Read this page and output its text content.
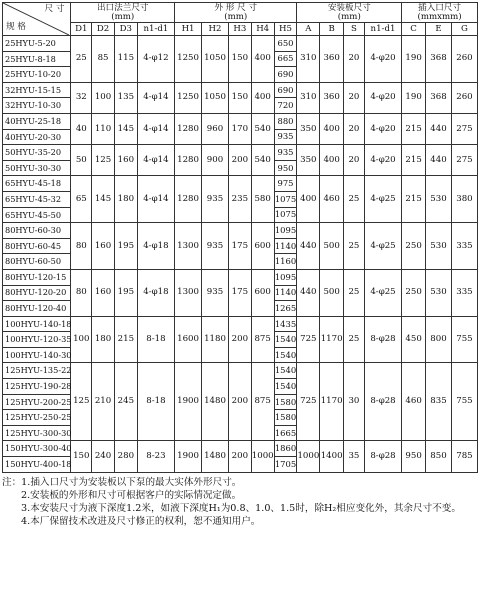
尺 寸
规 格	出口法兰尺寸
(mm)				外 形 尺 寸
(mm)					安装板尺寸
(mm)				插入口尺寸
(mmxmm)		
	D1	D2	D3	n1-d1	H1	H2	H3	H4	H5	A	B	S	n1-d1	C	E	G
25HYU-5-20	25	85	115	4-φ12	1250	1050	150	400	650	310	360	20	4-φ20	190	368	260
25HYU-8-18									665							
25HYU-10-20									690							
32HYU-15-15	32	100	135	4-φ14	1250	1050	150	400	690	310	360	20	4-φ20	190	368	260
32HYU-10-30									720							
40HYU-25-18	40	110	145	4-φ14	1280	960	170	540	880	350	400	20	4-φ20	215	440	275
40HYU-20-30									935							
50HYU-35-20	50	125	160	4-φ14	1280	900	200	540	935	350	400	20	4-φ20	215	440	275
50HYU-30-30									950							
65HYU-45-18	65	145	180	4-φ14	1280	935	235	580	975	400	460	25	4-φ25	215	530	380
65HYU-45-32									1075							
65HYU-45-50									1075							
80HYU-60-30	80	160	195	4-φ18	1300	935	175	600	1095	440	500	25	4-φ25	250	530	335
80HYU-60-45									1140							
80HYU-60-50									1160							
80HYU-120-15	80	160	195	4-φ18	1300	935	175	600	1095	440	500	25	4-φ25	250	530	335
80HYU-120-20									1140							
80HYU-120-40									1265							
100HYU-140-18	100	180	215	8-18	1600	1180	200	875	1435	725	1170	25	8-φ28	450	800	755
100HYU-120-35									1540							
100HYU-140-30									1540							
125HYU-135-22	125	210	245	8-18	1900	1480	200	875	1540	725	1170	30	8-φ28	460	835	755
125HYU-190-28									1540							
125HYU-200-25									1580							
125HYU-250-25									1580							
125HYU-300-30									1665							
150HYU-300-40	150	240	280	8-23	1900	1480	200	1000	1860	1000	1400	35	8-φ28	950	850	785
150HYU-400-18									1705							
注：1.插入口尺寸为安装板以下泵的最大实体外形尺寸。
2.安装板的外形和尺寸可根据客户的实际情况定做。
3.本安装尺寸为液下深度1.2米，如液下深度H₁为0.8、1.0、1.5时，除H₂相应变化外，其余尺寸不变。
4.本厂保留技术改进及尺寸修正的权利，恕不通知用户。
